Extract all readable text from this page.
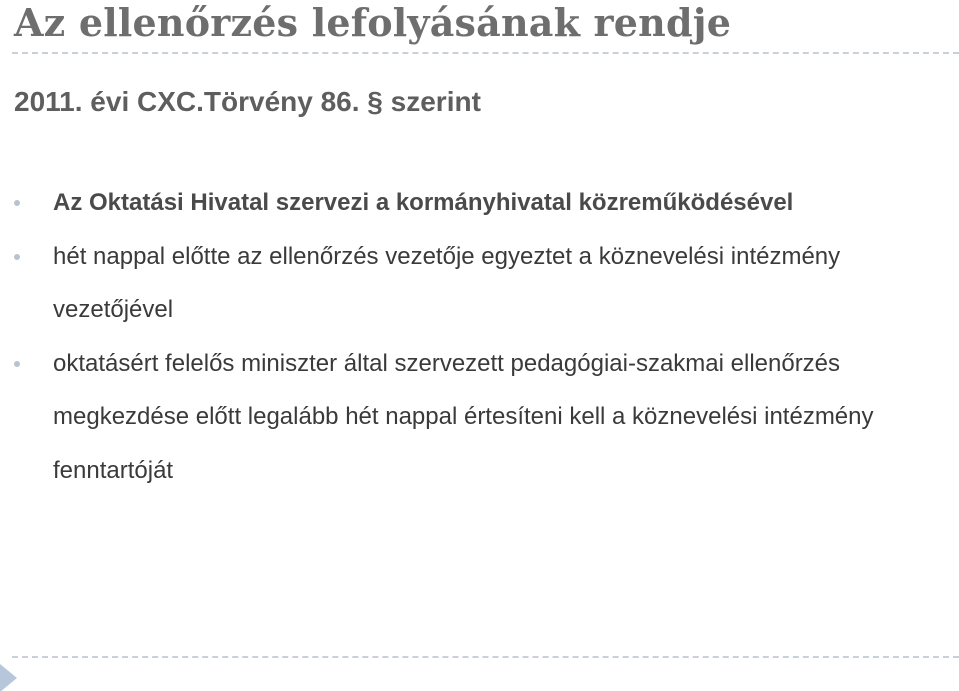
Az ellenőrzés lefolyásának rendje
2011. évi CXC.Törvény 86. § szerint
Az Oktatási Hivatal szervezi a kormányhivatal közreműködésével
hét nappal előtte az ellenőrzés vezetője egyeztet a köznevelési intézmény vezetőjével
oktatásért felelős miniszter által szervezett pedagógiai-szakmai ellenőrzés megkezdése előtt legalább hét nappal értesíteni kell a köznevelési intézmény fenntartóját
